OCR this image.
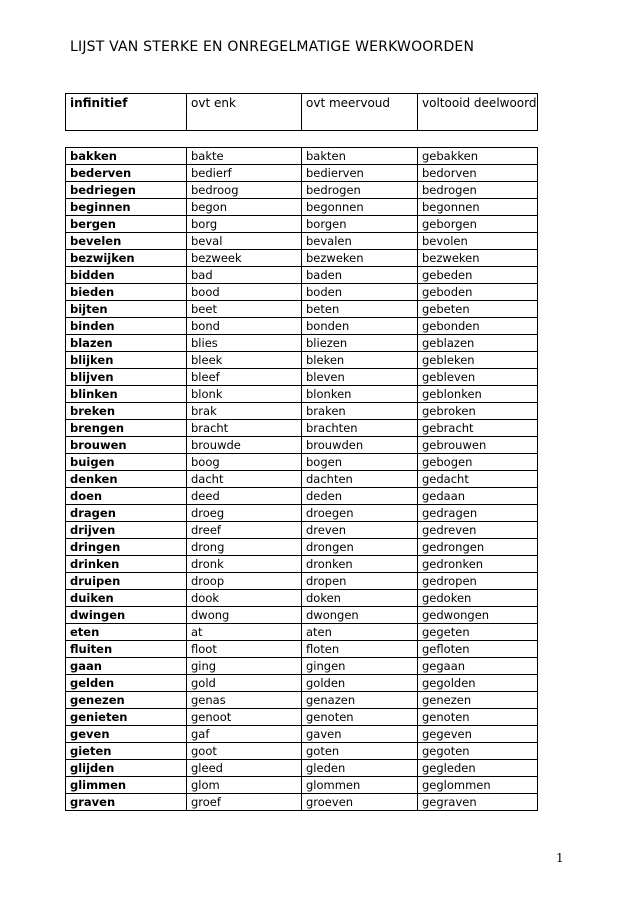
LIJST VAN STERKE EN ONREGELMATIGE WERKWOORDEN
infinitief	ovt enk	ovt meervoud	voltooid deelwoord
bakken	bakte	bakten	gebakken
bederven	bedierf	bedierven	bedorven
bedriegen	bedroog	bedrogen	bedrogen
beginnen	begon	begonnen	begonnen
bergen	borg	borgen	geborgen
bevelen	beval	bevalen	bevolen
bezwijken	bezweek	bezweken	bezweken
bidden	bad	baden	gebeden
bieden	bood	boden	geboden
bijten	beet	beten	gebeten
binden	bond	bonden	gebonden
blazen	blies	bliezen	geblazen
blijken	bleek	bleken	gebleken
blijven	bleef	bleven	gebleven
blinken	blonk	blonken	geblonken
breken	brak	braken	gebroken
brengen	bracht	brachten	gebracht
brouwen	brouwde	brouwden	gebrouwen
buigen	boog	bogen	gebogen
denken	dacht	dachten	gedacht
doen	deed	deden	gedaan
dragen	droeg	droegen	gedragen
drijven	dreef	dreven	gedreven
dringen	drong	drongen	gedrongen
drinken	dronk	dronken	gedronken
druipen	droop	dropen	gedropen
duiken	dook	doken	gedoken
dwingen	dwong	dwongen	gedwongen
eten	at	aten	gegeten
fluiten	floot	floten	gefloten
gaan	ging	gingen	gegaan
gelden	gold	golden	gegolden
genezen	genas	genazen	genezen
genieten	genoot	genoten	genoten
geven	gaf	gaven	gegeven
gieten	goot	goten	gegoten
glijden	gleed	gleden	gegleden
glimmen	glom	glommen	geglommen
graven	groef	groeven	gegraven
1
